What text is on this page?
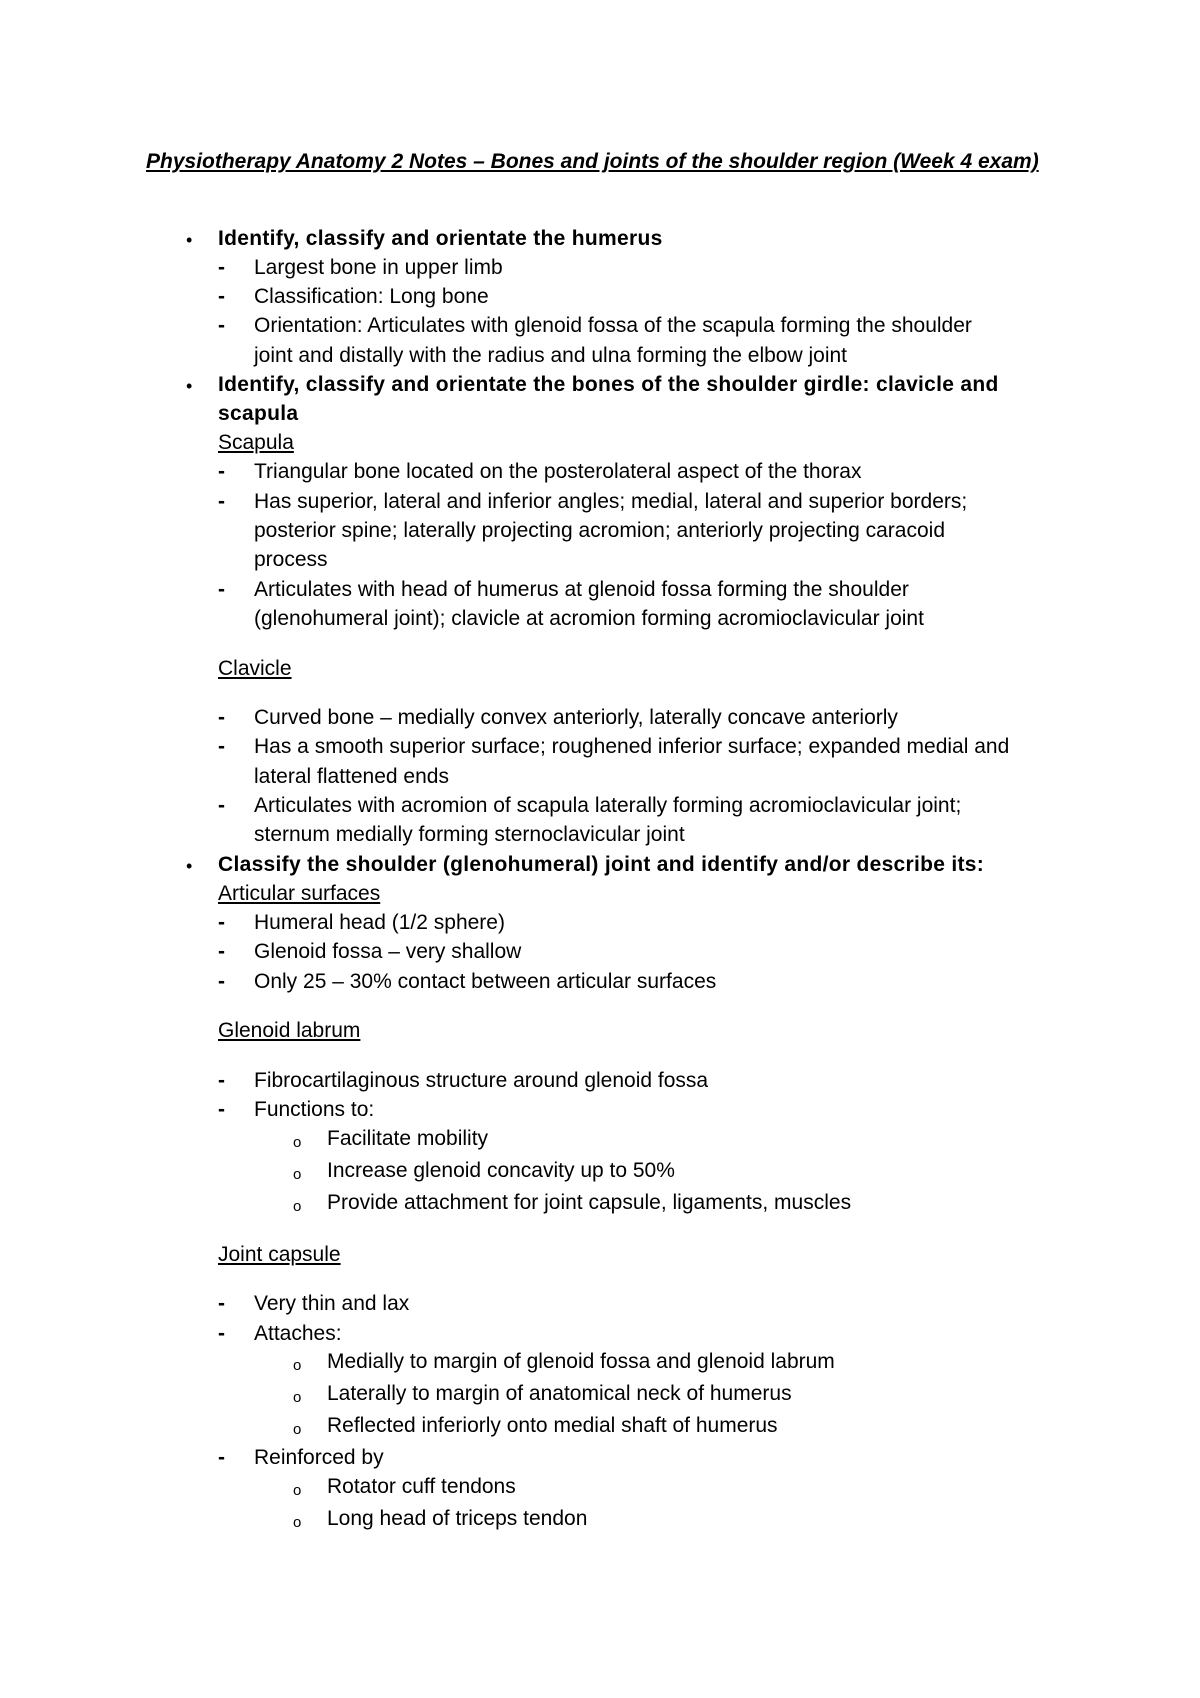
Physiotherapy Anatomy 2 Notes – Bones and joints of the shoulder region (Week 4 exam)

• Identify, classify and orientate the humerus
- Largest bone in upper limb
- Classification: Long bone
- Orientation: Articulates with glenoid fossa of the scapula forming the shoulder
joint and distally with the radius and ulna forming the elbow joint
• Identify, classify and orientate the bones of the shoulder girdle: clavicle and
scapula
Scapula
- Triangular bone located on the posterolateral aspect of the thorax
- Has superior, lateral and inferior angles; medial, lateral and superior borders;
posterior spine; laterally projecting acromion; anteriorly projecting caracoid
process
- Articulates with head of humerus at glenoid fossa forming the shoulder
(glenohumeral joint); clavicle at acromion forming acromioclavicular joint
Clavicle
- Curved bone – medially convex anteriorly, laterally concave anteriorly
- Has a smooth superior surface; roughened inferior surface; expanded medial and
lateral flattened ends
- Articulates with acromion of scapula laterally forming acromioclavicular joint;
sternum medially forming sternoclavicular joint
• Classify the shoulder (glenohumeral) joint and identify and/or describe its:
Articular surfaces
- Humeral head (1/2 sphere)
- Glenoid fossa – very shallow
- Only 25 – 30% contact between articular surfaces
Glenoid labrum
- Fibrocartilaginous structure around glenoid fossa
- Functions to:
o Facilitate mobility
o Increase glenoid concavity up to 50%
o Provide attachment for joint capsule, ligaments, muscles
Joint capsule
- Very thin and lax
- Attaches:
o Medially to margin of glenoid fossa and glenoid labrum
o Laterally to margin of anatomical neck of humerus
o Reflected inferiorly onto medial shaft of humerus
- Reinforced by
o Rotator cuff tendons
o Long head of triceps tendon
